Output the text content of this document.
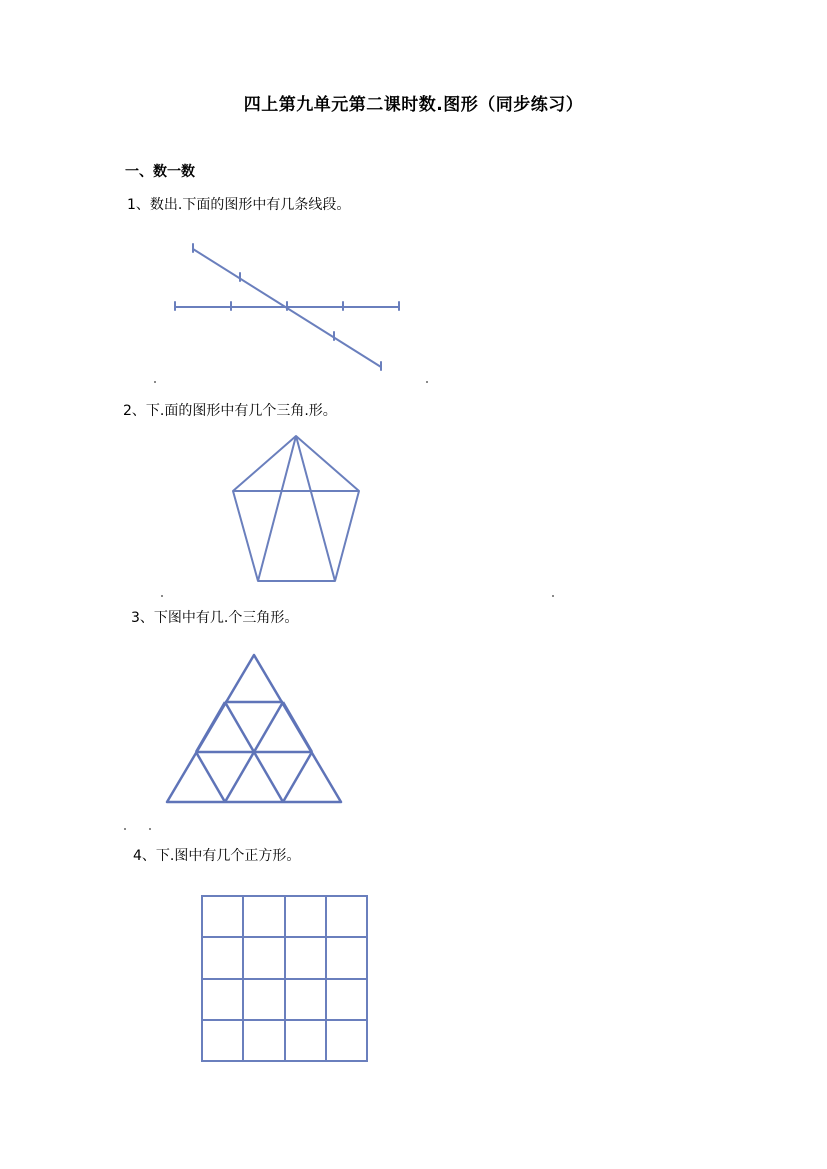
四上第九单元第二课时数.图形（同步练习）
一、数一数
1、数出.下面的图形中有几条线段。
2、下.面的图形中有几个三角.形。
3、下图中有几.个三角形。
4、下.图中有几个正方形。
